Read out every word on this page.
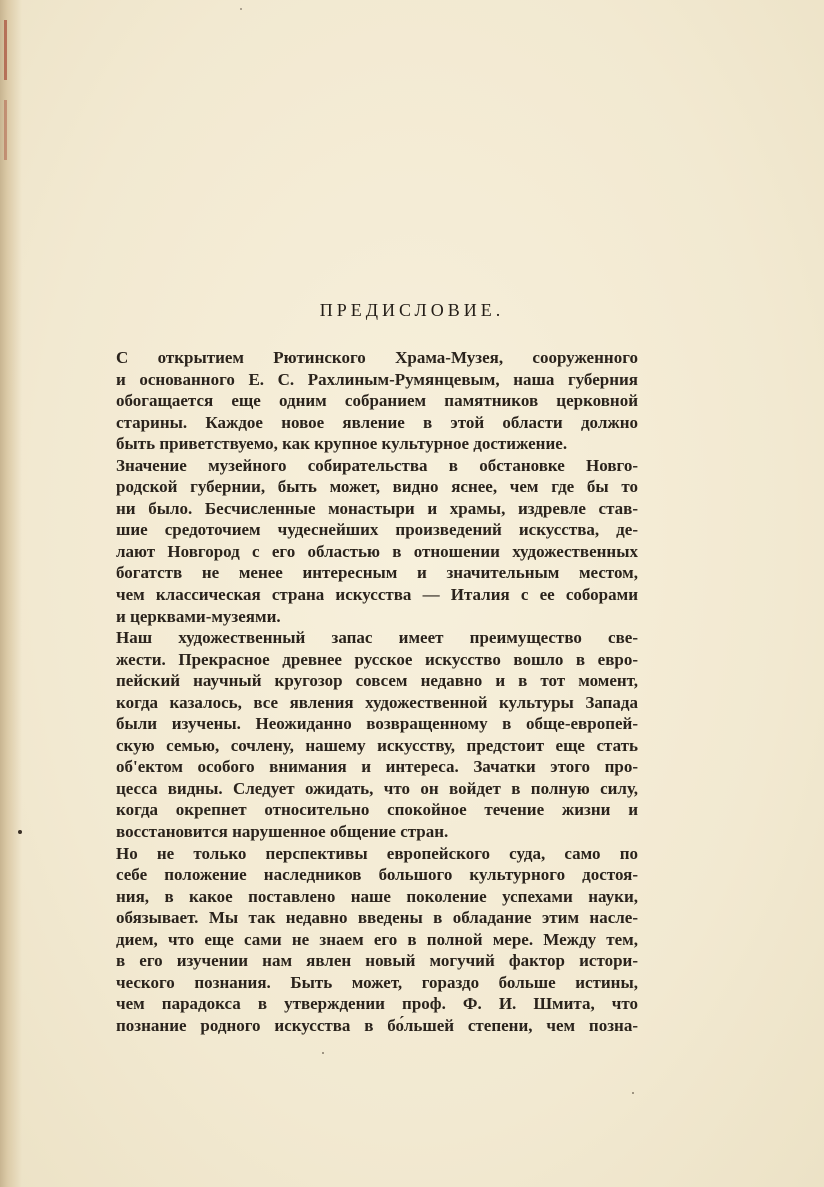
ПРЕДИСЛОВИЕ.
С открытием Рютинского Храма-Музея, сооруженного
и основанного Е. С. Рахлиным-Румянцевым, наша губерния
обогащается еще одним собранием памятников церковной
старины. Каждое новое явление в этой области должно
быть приветствуемо, как крупное культурное достижение.
Значение музейного собирательства в обстановке Новго-
родской губернии, быть может, видно яснее, чем где бы то
ни было. Бесчисленные монастыри и храмы, издревле став-
шие средоточием чудеснейших произведений искусства, де-
лают Новгород с его областью в отношении художественных
богатств не менее интересным и значительным местом,
чем классическая страна искусства — Италия с ее соборами
и церквами-музеями.
Наш художественный запас имеет преимущество све-
жести. Прекрасное древнее русское искусство вошло в евро-
пейский научный кругозор совсем недавно и в тот момент,
когда казалось, все явления художественной культуры Запада
были изучены. Неожиданно возвращенному в обще-европей-
скую семью, сочлену, нашему искусству, предстоит еще стать
об'ектом особого внимания и интереса. Зачатки этого про-
цесса видны. Следует ожидать, что он войдет в полную силу,
когда окрепнет относительно спокойное течение жизни и
восстановится нарушенное общение стран.
Но не только перспективы европейского суда, само по
себе положение наследников большого культурного достоя-
ния, в какое поставлено наше поколение успехами науки,
обязывает. Мы так недавно введены в обладание этим насле-
дием, что еще сами не знаем его в полной мере. Между тем,
в его изучении нам явлен новый могучий фактор истори-
ческого познания. Быть может, гораздо больше истины,
чем парадокса в утверждении проф. Ф. И. Шмита, что
познание родного искусства в бо́льшей степени, чем позна-
